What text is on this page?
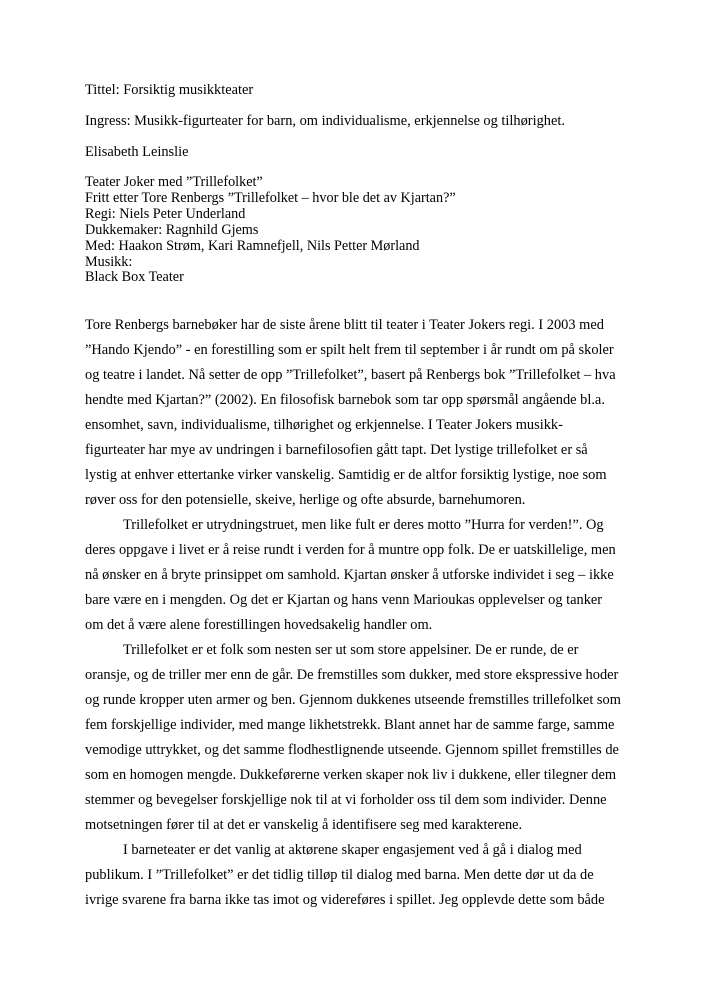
Tittel: Forsiktig musikkteater

Ingress: Musikk-figurteater for barn, om individualisme, erkjennelse og tilhørighet.

Elisabeth Leinslie

Teater Joker med ”Trillefolket”

Fritt etter Tore Renbergs ”Trillefolket – hvor ble det av Kjartan?”

Regi: Niels Peter Underland

Dukkemaker: Ragnhild Gjems

Med: Haakon Strøm, Kari Ramnefjell, Nils Petter Mørland

Musikk:

Black Box Teater

Tore Renbergs barnebøker har de siste årene blitt til teater i Teater Jokers regi. I 2003 med ”Hando Kjendo” - en forestilling som er spilt helt frem til september i år rundt om på skoler og teatre i landet. Nå setter de opp ”Trillefolket”, basert på Renbergs bok ”Trillefolket – hva hendte med Kjartan?” (2002). En filosofisk barnebok som tar opp spørsmål angående bl.a. ensomhet, savn, individualisme, tilhørighet og erkjennelse. I Teater Jokers musikk-figurteater har mye av undringen i barnefilosofien gått tapt. Det lystige trillefolket er så lystig at enhver ettertanke virker vanskelig. Samtidig er de altfor forsiktig lystige, noe som røver oss for den potensielle, skeive, herlige og ofte absurde, barnehumoren.

Trillefolket er utrydningstruet, men like fult er deres motto ”Hurra for verden!”. Og deres oppgave i livet er å reise rundt i verden for å muntre opp folk. De er uatskillelige, men nå ønsker en å bryte prinsippet om samhold. Kjartan ønsker å utforske individet i seg – ikke bare være en i mengden. Og det er Kjartan og hans venn Marioukas opplevelser og tanker om det å være alene forestillingen hovedsakelig handler om.

Trillefolket er et folk som nesten ser ut som store appelsiner. De er runde, de er oransje, og de triller mer enn de går. De fremstilles som dukker, med store ekspressive hoder og runde kropper uten armer og ben. Gjennom dukkenes utseende fremstilles trillefolket som fem forskjellige individer, med mange likhetstrekk. Blant annet har de samme farge, samme vemodige uttrykket, og det samme flodhestlignende utseende. Gjennom spillet fremstilles de som en homogen mengde. Dukkeførerne verken skaper nok liv i dukkene, eller tilegner dem stemmer og bevegelser forskjellige nok til at vi forholder oss til dem som individer. Denne motsetningen fører til at det er vanskelig å identifisere seg med karakterene.

I barneteater er det vanlig at aktørene skaper engasjement ved å gå i dialog med publikum. I ”Trillefolket” er det tidlig tilløp til dialog med barna. Men dette dør ut da de ivrige svarene fra barna ikke tas imot og videreføres i spillet. Jeg opplevde dette som både
